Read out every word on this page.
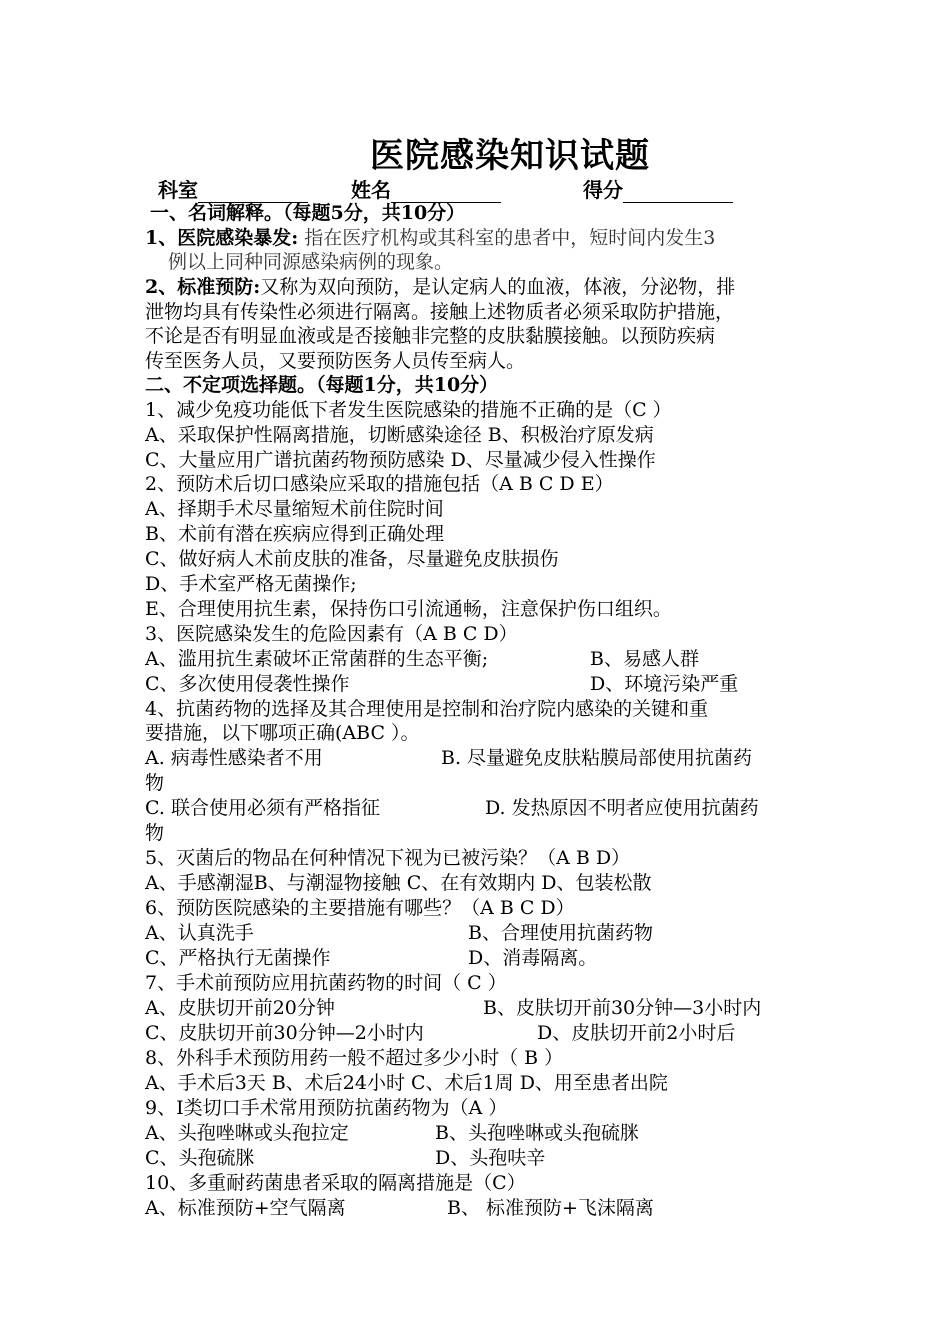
医院感染知识试题
科室	姓名	得分
一、名词解释。（每题5分，共10分）
1、医院感染暴发: 指在医疗机构或其科室的患者中，短时间内发生3
例以上同种同源感染病例的现象。
2、标准预防:又称为双向预防，是认定病人的血液，体液，分泌物，排
泄物均具有传染性必须进行隔离。接触上述物质者必须采取防护措施，
不论是否有明显血液或是否接触非完整的皮肤黏膜接触。以预防疾病
传至医务人员，又要预防医务人员传至病人。
二、不定项选择题。（每题1分，共10分）
1、减少免疫功能低下者发生医院感染的措施不正确的是（C ）
A、采取保护性隔离措施，切断感染途径 B、积极治疗原发病
C、大量应用广谱抗菌药物预防感染 D、尽量减少侵入性操作
2、预防术后切口感染应采取的措施包括（A B C D E）
A、择期手术尽量缩短术前住院时间
B、术前有潜在疾病应得到正确处理
C、做好病人术前皮肤的准备，尽量避免皮肤损伤
D、手术室严格无菌操作;
E、合理使用抗生素，保持伤口引流通畅，注意保护伤口组织。
3、医院感染发生的危险因素有（A B C D）
A、滥用抗生素破坏正常菌群的生态平衡;	B、易感人群
C、多次使用侵袭性操作	D、环境污染严重
4、抗菌药物的选择及其合理使用是控制和治疗院内感染的关键和重
要措施，以下哪项正确(ABC ）。
A. 病毒性感染者不用	B. 尽量避免皮肤粘膜局部使用抗菌药
物
C. 联合使用必须有严格指征	D. 发热原因不明者应使用抗菌药
物
5、灭菌后的物品在何种情况下视为已被污染？（A B D）
A、手感潮湿B、与潮湿物接触 C、在有效期内 D、包装松散
6、预防医院感染的主要措施有哪些？（A B C D）
A、认真洗手	B、合理使用抗菌药物
C、严格执行无菌操作	D、消毒隔离。
7、手术前预防应用抗菌药物的时间（ C ）
A、皮肤切开前20分钟	B、皮肤切开前30分钟—3小时内
C、皮肤切开前30分钟—2小时内	D、皮肤切开前2小时后
8、外科手术预防用药一般不超过多少小时（ B ）
A、手术后3天 B、术后24小时 C、术后1周 D、用至患者出院
9、I类切口手术常用预防抗菌药物为（A ）
A、头孢唑啉或头孢拉定	B、头孢唑啉或头孢硫脒
C、头孢硫脒	D、头孢呋辛
10、多重耐药菌患者采取的隔离措施是（C）
A、标准预防+空气隔离	B、 标准预防+飞沫隔离
